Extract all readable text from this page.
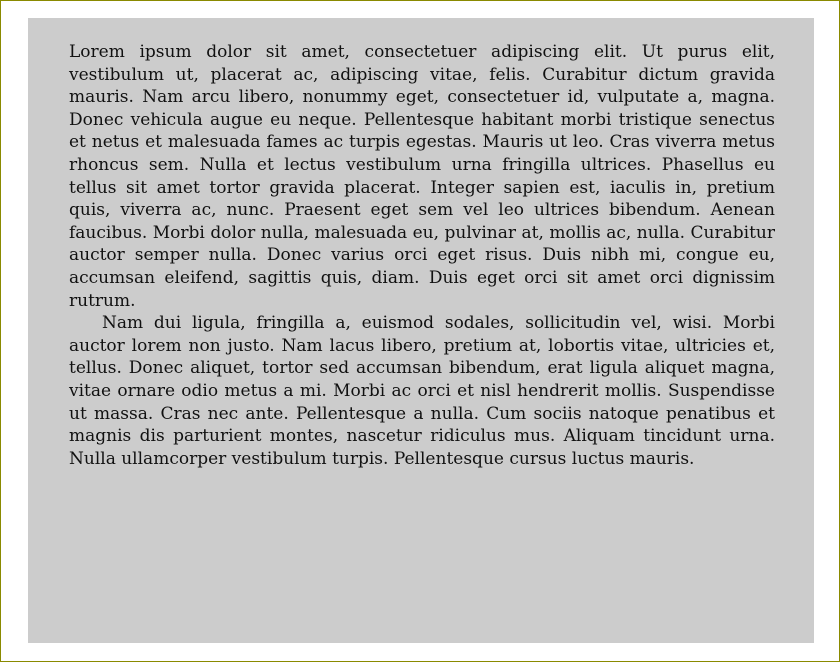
Lorem ipsum dolor sit amet, consectetuer adipiscing elit. Ut purus elit, vestibulum ut, placerat ac, adipiscing vitae, felis. Curabitur dictum gravida mauris. Nam arcu libero, nonummy eget, consectetuer id, vulputate a, magna. Donec vehicula augue eu neque. Pellentesque habitant morbi tristique senectus et netus et malesuada fames ac turpis egestas. Mauris ut leo. Cras viverra metus rhoncus sem. Nulla et lectus vestibulum urna fringilla ultrices. Phasellus eu tellus sit amet tortor gravida placerat. Integer sapien est, iaculis in, pretium quis, viverra ac, nunc. Praesent eget sem vel leo ultrices bibendum. Aenean faucibus. Morbi dolor nulla, malesuada eu, pulvinar at, mollis ac, nulla. Curabitur auctor semper nulla. Donec varius orci eget risus. Duis nibh mi, congue eu, accumsan eleifend, sagittis quis, diam. Duis eget orci sit amet orci dignissim rutrum.

Nam dui ligula, fringilla a, euismod sodales, sollicitudin vel, wisi. Morbi auctor lorem non justo. Nam lacus libero, pretium at, lobortis vitae, ultricies et, tellus. Donec aliquet, tortor sed accumsan bibendum, erat ligula aliquet magna, vitae ornare odio metus a mi. Morbi ac orci et nisl hendrerit mollis. Suspendisse ut massa. Cras nec ante. Pellentesque a nulla. Cum sociis natoque penatibus et magnis dis parturient montes, nascetur ridiculus mus. Aliquam tincidunt urna. Nulla ullamcorper vestibulum turpis. Pellentesque cursus luctus mauris.
